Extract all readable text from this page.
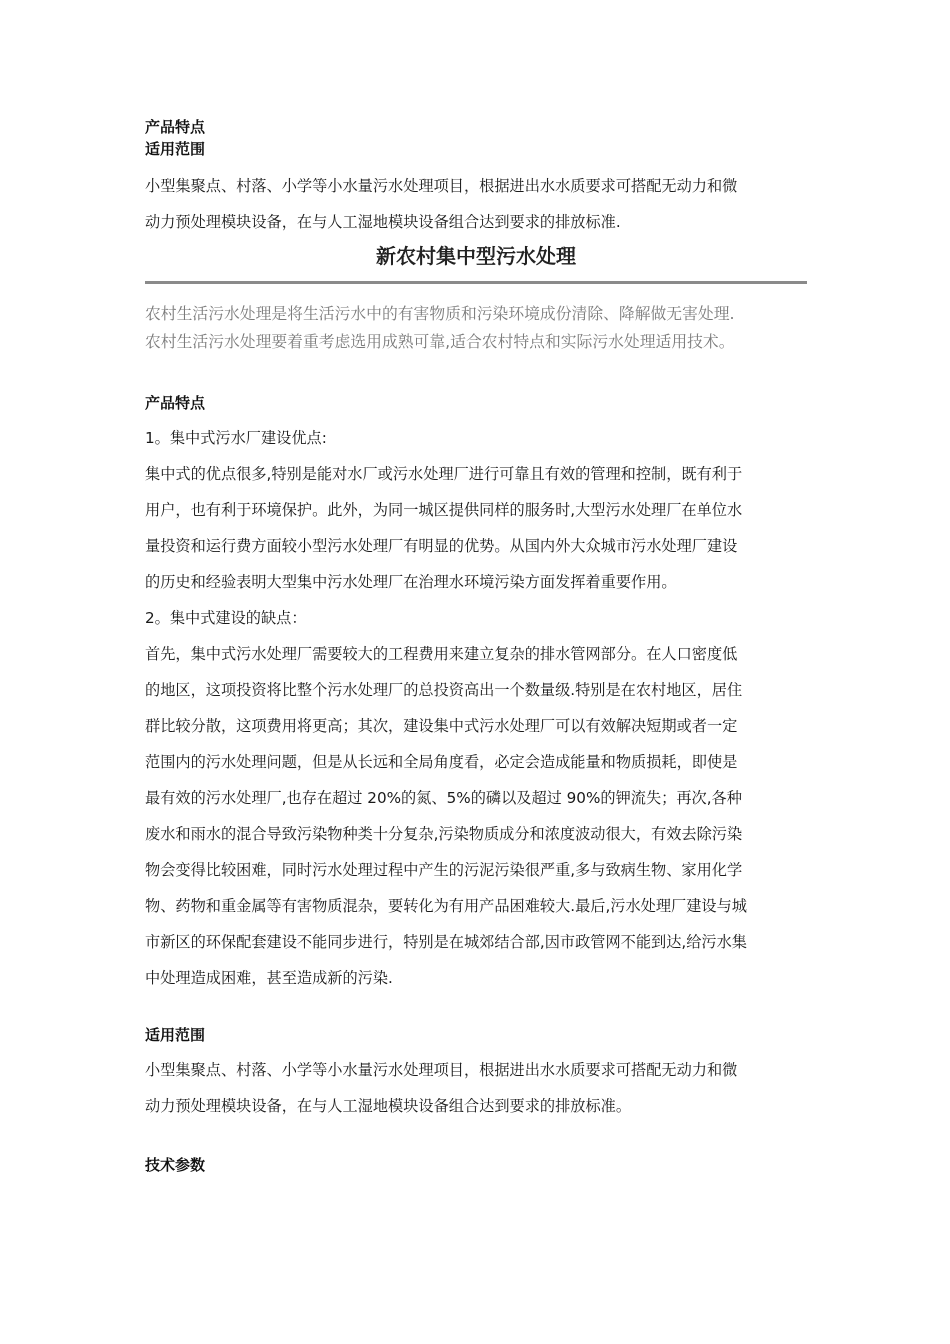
产品特点
适用范围
小型集聚点、村落、小学等小水量污水处理项目，根据进出水水质要求可搭配无动力和微
动力预处理模块设备，在与人工湿地模块设备组合达到要求的排放标准.
新农村集中型污水处理
农村生活污水处理是将生活污水中的有害物质和污染环境成份清除、降解做无害处理.
农村生活污水处理要着重考虑选用成熟可靠,适合农村特点和实际污水处理适用技术。
产品特点
1。集中式污水厂建设优点:
集中式的优点很多,特别是能对水厂或污水处理厂进行可靠且有效的管理和控制，既有利于
用户，也有利于环境保护。此外，为同一城区提供同样的服务时,大型污水处理厂在单位水
量投资和运行费方面较小型污水处理厂有明显的优势。从国内外大众城市污水处理厂建设
的历史和经验表明大型集中污水处理厂在治理水环境污染方面发挥着重要作用。
2。集中式建设的缺点：
首先，集中式污水处理厂需要较大的工程费用来建立复杂的排水管网部分。在人口密度低
的地区，这项投资将比整个污水处理厂的总投资高出一个数量级.特别是在农村地区，居住
群比较分散，这项费用将更高；其次，建设集中式污水处理厂可以有效解决短期或者一定
范围内的污水处理问题，但是从长远和全局角度看，必定会造成能量和物质损耗，即使是
最有效的污水处理厂,也存在超过 20%的氮、5%的磷以及超过 90%的钾流失；再次,各种
废水和雨水的混合导致污染物种类十分复杂,污染物质成分和浓度波动很大，有效去除污染
物会变得比较困难，同时污水处理过程中产生的污泥污染很严重,多与致病生物、家用化学
物、药物和重金属等有害物质混杂，要转化为有用产品困难较大.最后,污水处理厂建设与城
市新区的环保配套建设不能同步进行，特别是在城郊结合部,因市政管网不能到达,给污水集
中处理造成困难，甚至造成新的污染.
适用范围
小型集聚点、村落、小学等小水量污水处理项目，根据进出水水质要求可搭配无动力和微
动力预处理模块设备，在与人工湿地模块设备组合达到要求的排放标准。
技术参数
